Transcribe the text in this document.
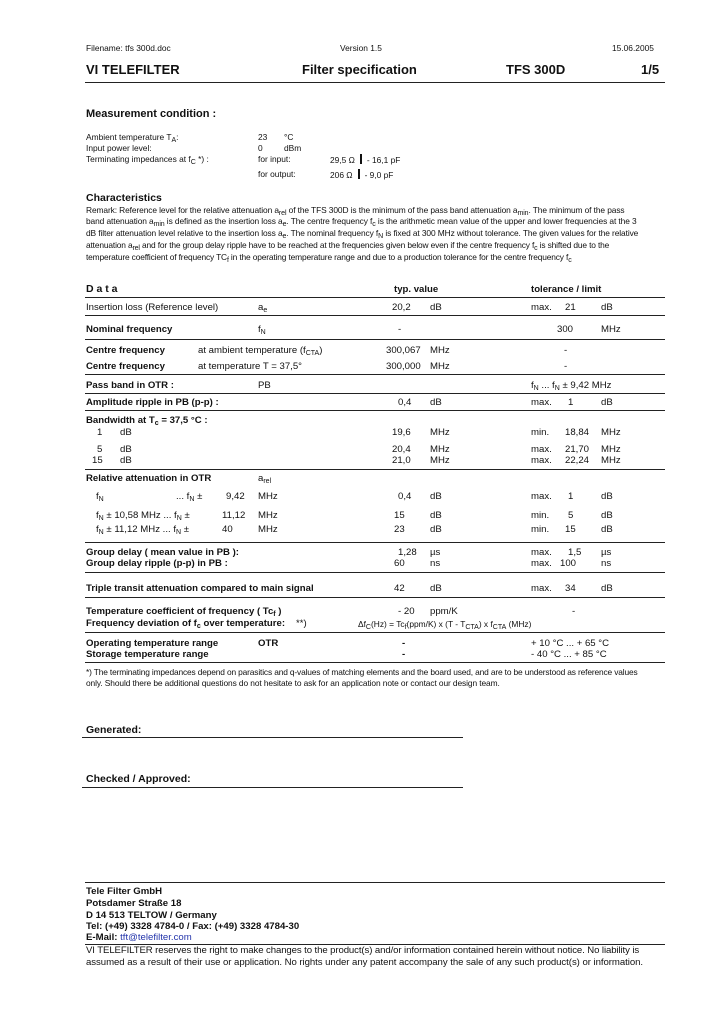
Filename: tfs 300d.doc	Version 1.5	15.06.2005
VI TELEFILTER	Filter specification	TFS 300D	1/5
Measurement condition :
Ambient temperature $T_A$:	23 °C
Input power level:	0	dBm
Terminating impedances at $f_C$ *) :	for input:	29,5 Ω - 16,1 pF
for output:	206 Ω - 9,0 pF
Characteristics
Remark: Reference level for the relative attenuation $a_{rel}$ of the TFS 300D is the minimum of the pass band attenuation $a_{min}$. The minimum of the pass
band attenuation $a_{min}$ is defined as the insertion loss $a_e$. The centre frequency $f_c$ is the arithmetic mean value of the upper and lower frequencies at the 3
dB filter attenuation level relative to the insertion loss $a_e$. The nominal frequency $f_N$ is fixed at 300 MHz without tolerance. The given values for the relative
attenuation $a_{rel}$ and for the group delay ripple have to be reached at the frequencies given below even if the centre frequency $f_c$ is shifted due to the
temperature coefficient of frequency $TC_f$ in the operating temperature range and due to a production tolerance for the centre frequency $f_c$
D a t a	typ. value	tolerance / limit
Insertion loss (Reference level)	$a_e$	20,2 dB	max. 21	dB
Nominal frequency	$f_N$	-	300	MHz
Centre frequency	at ambient temperature $(f_{CTA})$	300,067 MHz	-
Centre frequency	at temperature T = 37,5°	300,000 MHz	-
Pass band in OTR :	PB	$f_N$ ... $f_N \pm 9,42$ MHz
Amplitude ripple in PB (p-p) :	0,4 dB	max. 1	dB
Bandwidth at $T_c = 37,5$ °C :
1 dB	19,6 MHz	min. 18,84 MHz
5 dB	20,4 MHz	max. 21,70 MHz
15 dB	21,0 MHz	max. 22,24 MHz
Relative attenuation in OTR	$a_{rel}$
$f_N$	... $f_N \pm 9,42$ MHz	0,4 dB	max. 1	dB
$f_N \pm 10,58$ MHz ... $f_N$ ±	11,12 MHz	15	dB	min. 5	dB
$f_N \pm 11,12$ MHz ... $f_N$ ±	40	MHz	23	dB	min. 15	dB
Group delay ( mean value in PB ):	1,28 µs	max. 1,5 µs
Group delay ripple (p-p) in PB :	60	ns	max. 100	ns
Triple transit attenuation compared to main signal	42	dB	max. 34	dB
Temperature coefficient of frequency ( $Tc_f$ )	- 20 ppm/K	-
Frequency deviation of $f_c$ over temperature: **)	$\Delta f_C(Hz) = Tc_f(ppm/K)$ x $(T - T_{CTA})$ x $f_{CTA}$ (MHz)
Operating temperature range	OTR	-	+ 10 °C ... + 65 °C
Storage temperature range	-	- 40 °C ... + 85 °C
*) The terminating impedances depend on parasitics and q-values of matching elements and the board used, and are to be understood as reference values
only. Should there be additional questions do not hesitate to ask for an application note or contact our design team.
Generated:
Checked / Approved:
Tele Filter GmbH
Potsdamer Straße 18
D 14 513 TELTOW / Germany
Tel: (+49) 3328 4784-0 / Fax: (+49) 3328 4784-30
E-Mail: tft@telefilter.com
VI TELEFILTER reserves the right to make changes to the product(s) and/or information contained herein without notice. No liability is
assumed as a result of their use or application. No rights under any patent accompany the sale of any such product(s) or information.
